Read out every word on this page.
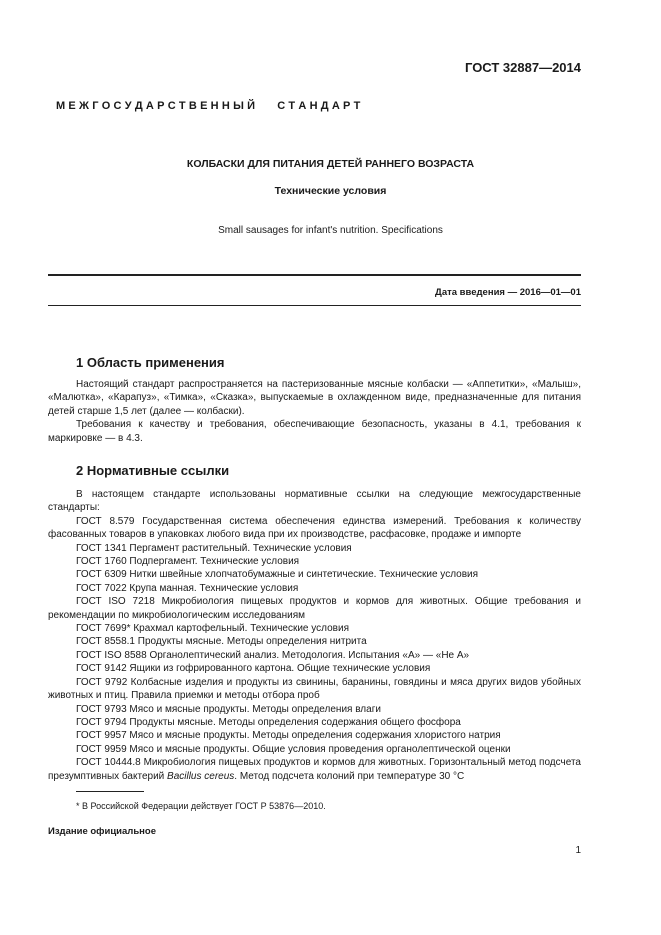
ГОСТ 32887—2014
М Е Ж Г О С У Д А Р С Т В Е Н Н Ы Й       С Т А Н Д А Р Т
КОЛБАСКИ ДЛЯ ПИТАНИЯ ДЕТЕЙ РАННЕГО ВОЗРАСТА
Технические условия
Small sausages for infant's nutrition. Specifications
Дата введения — 2016—01—01
1 Область применения

Настоящий стандарт распространяется на пастеризованные мясные колбаски — «Аппетитки», «Малыш», «Малютка», «Карапуз», «Тимка», «Сказка», выпускаемые в охлажденном виде, предназначенные для питания детей старше 1,5 лет (далее — колбаски).

Требования к качеству и требования, обеспечивающие безопасность, указаны в 4.1, требования к маркировке — в 4.3.

2 Нормативные ссылки

В настоящем стандарте использованы нормативные ссылки на следующие межгосударственные стандарты:

ГОСТ 8.579 Государственная система обеспечения единства измерений. Требования к количеству фасованных товаров в упаковках любого вида при их производстве, расфасовке, продаже и импорте

ГОСТ 1341 Пергамент растительный. Технические условия

ГОСТ 1760 Подпергамент. Технические условия

ГОСТ 6309 Нитки швейные хлопчатобумажные и синтетические. Технические условия

ГОСТ 7022 Крупа манная. Технические условия

ГОСТ ISO 7218 Микробиология пищевых продуктов и кормов для животных. Общие требования и рекомендации по микробиологическим исследованиям

ГОСТ 7699* Крахмал картофельный. Технические условия

ГОСТ 8558.1 Продукты мясные. Методы определения нитрита

ГОСТ ISO 8588 Органолептический анализ. Методология. Испытания «А» — «Не А»

ГОСТ 9142 Ящики из гофрированного картона. Общие технические условия

ГОСТ 9792 Колбасные изделия и продукты из свинины, баранины, говядины и мяса других видов убойных животных и птиц. Правила приемки и методы отбора проб

ГОСТ 9793 Мясо и мясные продукты. Методы определения влаги

ГОСТ 9794 Продукты мясные. Методы определения содержания общего фосфора

ГОСТ 9957 Мясо и мясные продукты. Методы определения содержания хлористого натрия

ГОСТ 9959 Мясо и мясные продукты. Общие условия проведения органолептической оценки

ГОСТ 10444.8 Микробиология пищевых продуктов и кормов для животных. Горизонтальный метод подсчета презумптивных бактерий Bacillus cereus. Метод подсчета колоний при температуре 30 °С

* В Российской Федерации действует ГОСТ Р 53876—2010.
Издание официальное
1
